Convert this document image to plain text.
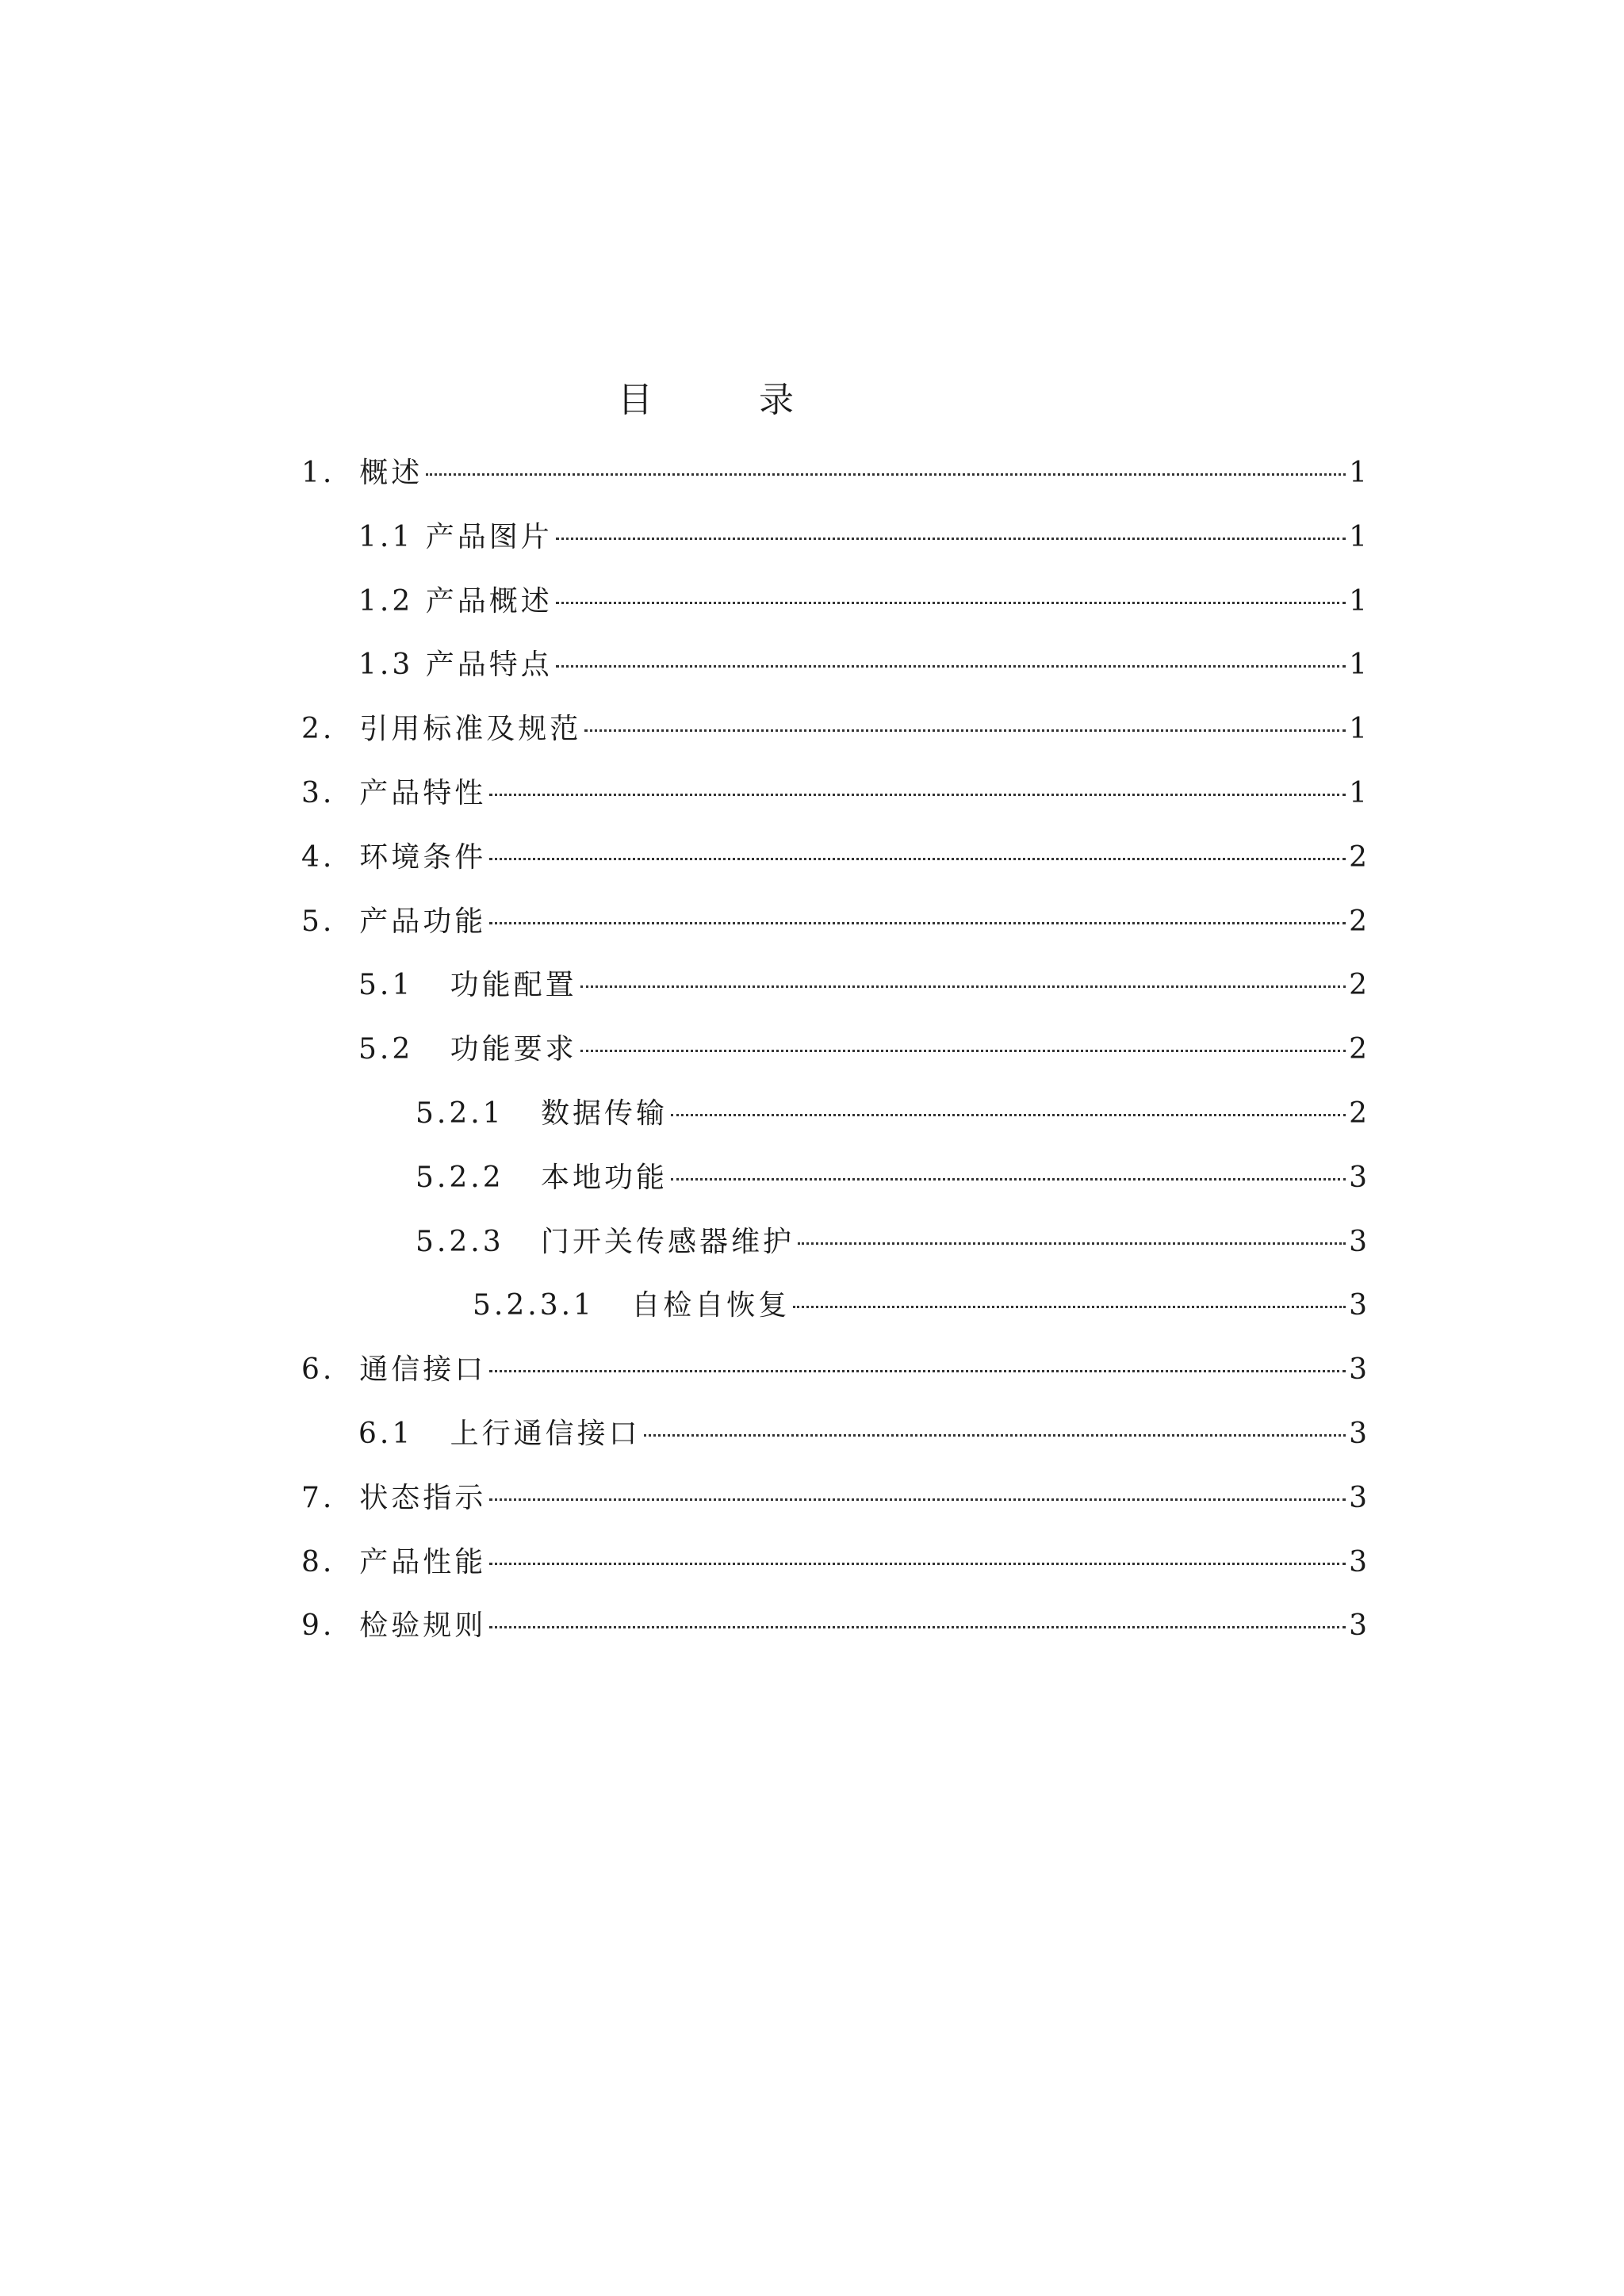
目 录
1. 概述	1
1.1 产品图片	1
1.2 产品概述	1
1.3 产品特点	1
2. 引用标准及规范	1
3. 产品特性	1
4. 环境条件	2
5. 产品功能	2
5.1 功能配置	2
5.2 功能要求	2
5.2.1 数据传输	2
5.2.2 本地功能	3
5.2.3 门开关传感器维护	3
5.2.3.1 自检自恢复	3
6. 通信接口	3
6.1 上行通信接口	3
7. 状态指示	3
8. 产品性能	3
9. 检验规则	3
